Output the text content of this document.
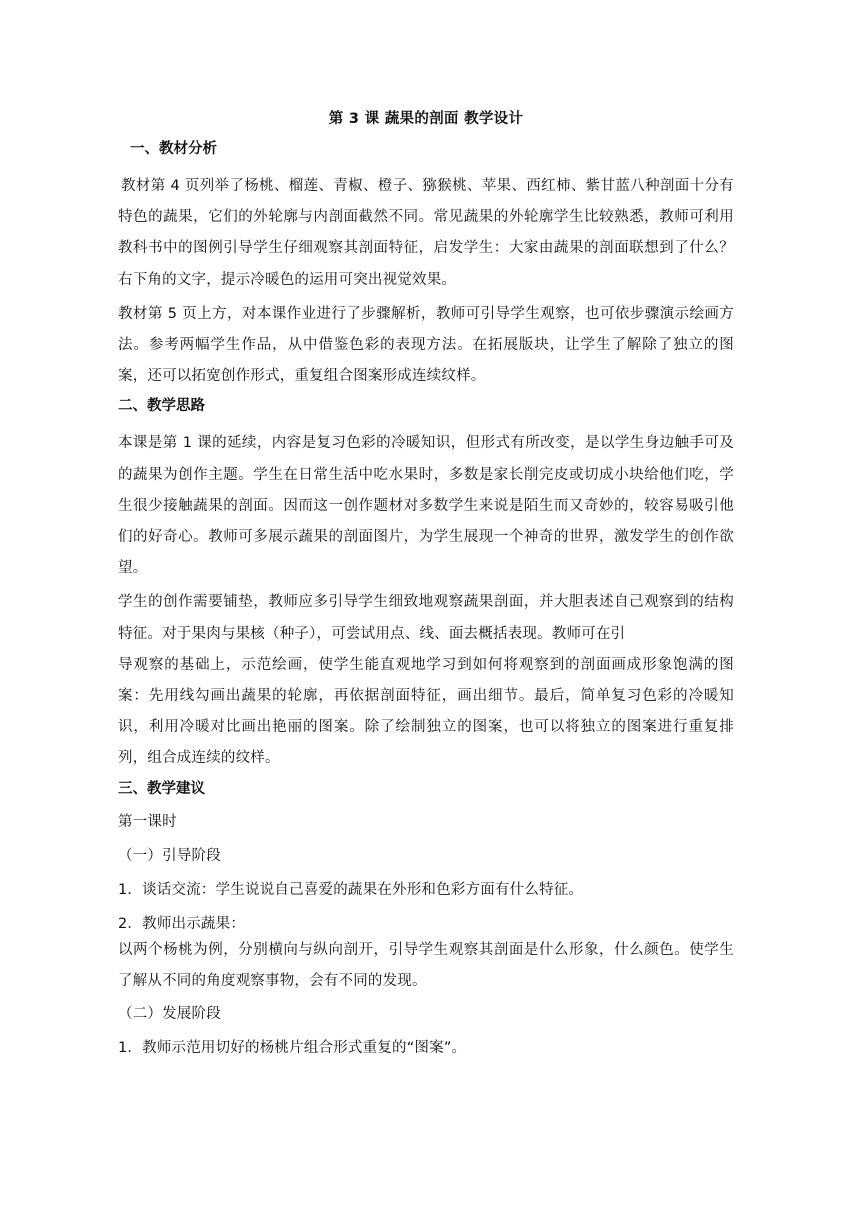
第 3 课 蔬果的剖面 教学设计
一、教材分析
教材第 4 页列举了杨桃、榴莲、青椒、橙子、猕猴桃、苹果、西红柿、紫甘蓝八种剖面十分有特色的蔬果，它们的外轮廓与内剖面截然不同。常见蔬果的外轮廓学生比较熟悉，教师可利用教科书中的图例引导学生仔细观察其剖面特征，启发学生：大家由蔬果的剖面联想到了什么？右下角的文字，提示冷暖色的运用可突出视觉效果。
教材第 5 页上方，对本课作业进行了步骤解析，教师可引导学生观察，也可依步骤演示绘画方法。参考两幅学生作品，从中借鉴色彩的表现方法。在拓展版块，让学生了解除了独立的图案，还可以拓宽创作形式，重复组合图案形成连续纹样。
二、教学思路
本课是第 1 课的延续，内容是复习色彩的冷暖知识，但形式有所改变，是以学生身边触手可及的蔬果为创作主题。学生在日常生活中吃水果时，多数是家长削完皮或切成小块给他们吃，学生很少接触蔬果的剖面。因而这一创作题材对多数学生来说是陌生而又奇妙的，较容易吸引他们的好奇心。教师可多展示蔬果的剖面图片，为学生展现一个神奇的世界，激发学生的创作欲望。
学生的创作需要铺垫，教师应多引导学生细致地观察蔬果剖面，并大胆表述自己观察到的结构特征。对于果肉与果核（种子），可尝试用点、线、面去概括表现。教师可在引
导观察的基础上，示范绘画，使学生能直观地学习到如何将观察到的剖面画成形象饱满的图案：先用线勾画出蔬果的轮廓，再依据剖面特征，画出细节。最后，简单复习色彩的冷暖知识，利用冷暖对比画出艳丽的图案。除了绘制独立的图案，也可以将独立的图案进行重复排列，组合成连续的纹样。
三、教学建议
第一课时
（一）引导阶段
1．谈话交流：学生说说自己喜爱的蔬果在外形和色彩方面有什么特征。
2．教师出示蔬果：
以两个杨桃为例，分别横向与纵向剖开，引导学生观察其剖面是什么形象，什么颜色。使学生了解从不同的角度观察事物，会有不同的发现。
（二）发展阶段
1．教师示范用切好的杨桃片组合形式重复的“图案”。
